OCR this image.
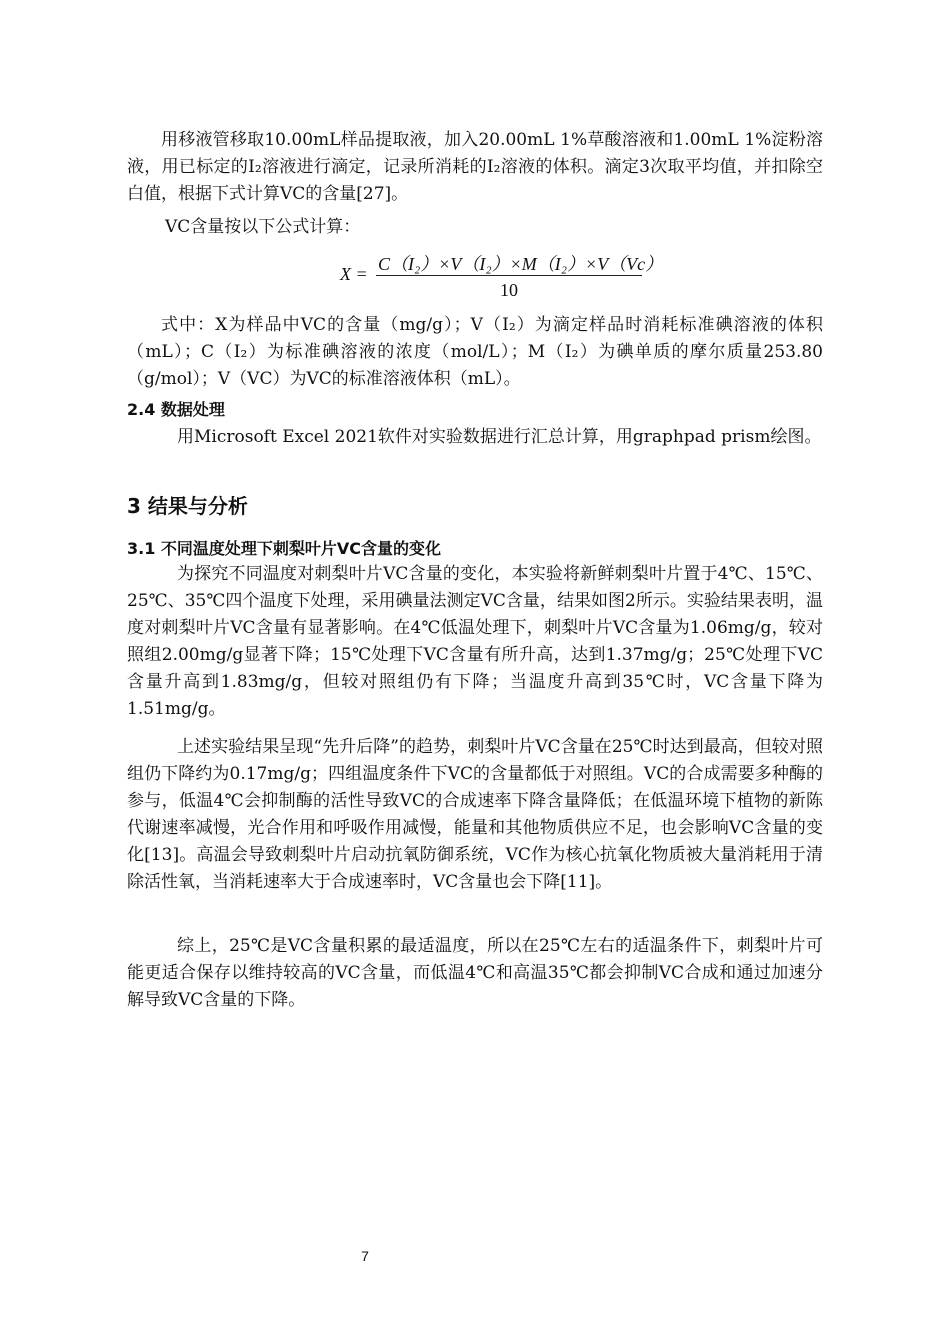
用移液管移取10.00mL样品提取液，加入20.00mL 1%草酸溶液和1.00mL 1%淀粉溶液，用已标定的I₂溶液进行滴定，记录所消耗的I₂溶液的体积。滴定3次取平均值，并扣除空白值，根据下式计算VC的含量[27]。

VC含量按以下公式计算：

X = C（I₂）×V（I₂）×M（I₂）×V（Vc）
10

式中：X为样品中VC的含量（mg/g）；V（I₂）为滴定样品时消耗标准碘溶液的体积（mL）；C（I₂）为标准碘溶液的浓度（mol/L）；M（I₂）为碘单质的摩尔质量253.80（g/mol）；V（VC）为VC的标准溶液体积（mL）。

2.4 数据处理

用Microsoft Excel 2021软件对实验数据进行汇总计算，用graphpad prism绘图。

3 结果与分析
3.1 不同温度处理下刺梨叶片VC含量的变化

为探究不同温度对刺梨叶片VC含量的变化，本实验将新鲜刺梨叶片置于4℃、15℃、25℃、35℃四个温度下处理，采用碘量法测定VC含量，结果如图2所示。实验结果表明，温度对刺梨叶片VC含量有显著影响。在4℃低温处理下，刺梨叶片VC含量为1.06mg/g，较对照组2.00mg/g显著下降；15℃处理下VC含量有所升高，达到1.37mg/g；25℃处理下VC含量升高到1.83mg/g，但较对照组仍有下降；当温度升高到35℃时，VC含量下降为1.51mg/g。

上述实验结果呈现“先升后降”的趋势，刺梨叶片VC含量在25℃时达到最高，但较对照组仍下降约为0.17mg/g；四组温度条件下VC的含量都低于对照组。VC的合成需要多种酶的参与，低温4℃会抑制酶的活性导致VC的合成速率下降含量降低；在低温环境下植物的新陈代谢速率减慢，光合作用和呼吸作用减慢，能量和其他物质供应不足，也会影响VC含量的变化[13]。高温会导致刺梨叶片启动抗氧防御系统，VC作为核心抗氧化物质被大量消耗用于清除活性氧，当消耗速率大于合成速率时，VC含量也会下降[11]。

综上，25℃是VC含量积累的最适温度，所以在25℃左右的适温条件下，刺梨叶片可能更适合保存以维持较高的VC含量，而低温4℃和高温35℃都会抑制VC合成和通过加速分解导致VC含量的下降。

7
